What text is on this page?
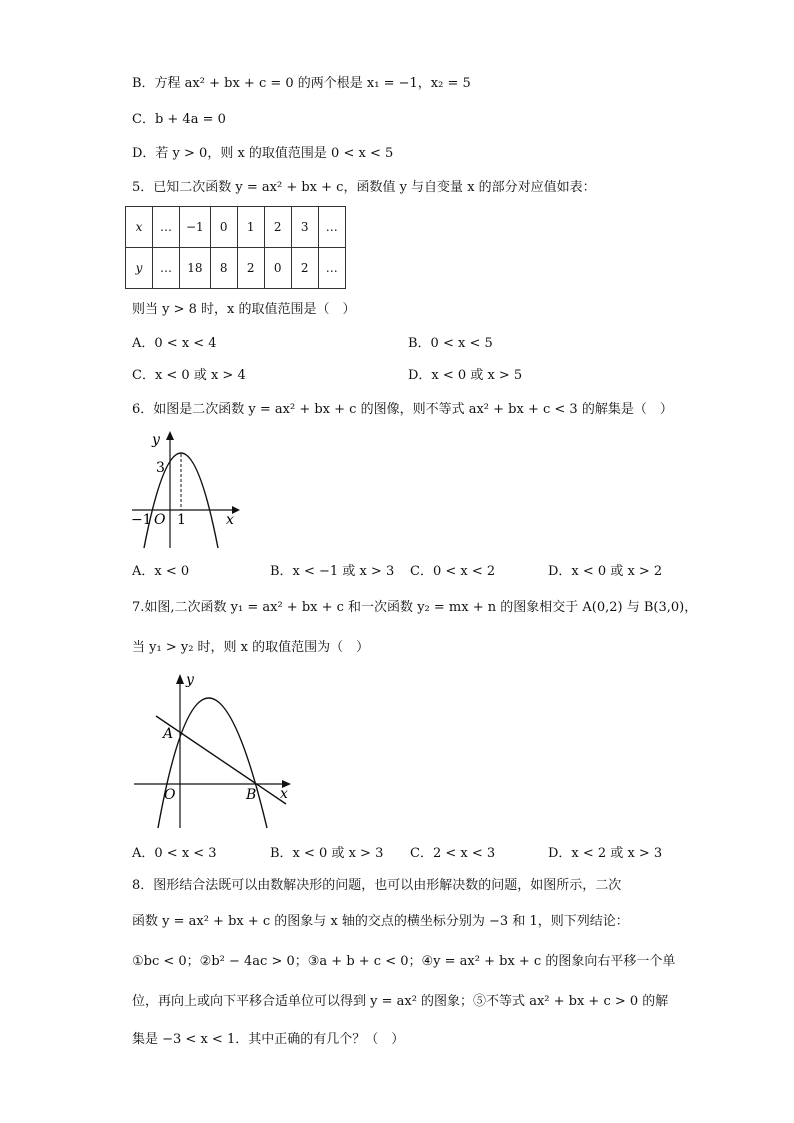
B．方程 ax² + bx + c = 0 的两个根是 x₁ = −1，x₂ = 5
C．b + 4a = 0
D．若 y > 0，则 x 的取值范围是 0 < x < 5
5．已知二次函数 y = ax² + bx + c，函数值 y 与自变量 x 的部分对应值如表：
x	…	−1	0	1	2	3	…
y	…	18	8	2	0	2	…
则当 y > 8 时，x 的取值范围是（　）
A．0 < x < 4	B．0 < x < 5
C．x < 0 或 x > 4	D．x < 0 或 x > 5
6．如图是二次函数 y = ax² + bx + c 的图像，则不等式 ax² + bx + c < 3 的解集是（　）
y
x
3
−1 O 1
A．x < 0	B．x < −1 或 x > 3 C．0 < x < 2	D．x < 0 或 x > 2
7.如图,二次函数 y₁ = ax² + bx + c 和一次函数 y₂ = mx + n 的图象相交于 A(0,2) 与 B(3,0)，
当 y₁ > y₂ 时，则 x 的取值范围为（　）
y
x
A
B
O
A．0 < x < 3	B．x < 0 或 x > 3 C．2 < x < 3	D．x < 2 或 x > 3
8．图形结合法既可以由数解决形的问题，也可以由形解决数的问题，如图所示，二次
函数 y = ax² + bx + c 的图象与 x 轴的交点的横坐标分别为 −3 和 1，则下列结论：
①bc < 0；②b² − 4ac > 0；③a + b + c < 0；④y = ax² + bx + c 的图象向右平移一个单
位，再向上或向下平移合适单位可以得到 y = ax² 的图象；⑤不等式 ax² + bx + c > 0 的解
集是 −3 < x < 1．其中正确的有几个？（　）
